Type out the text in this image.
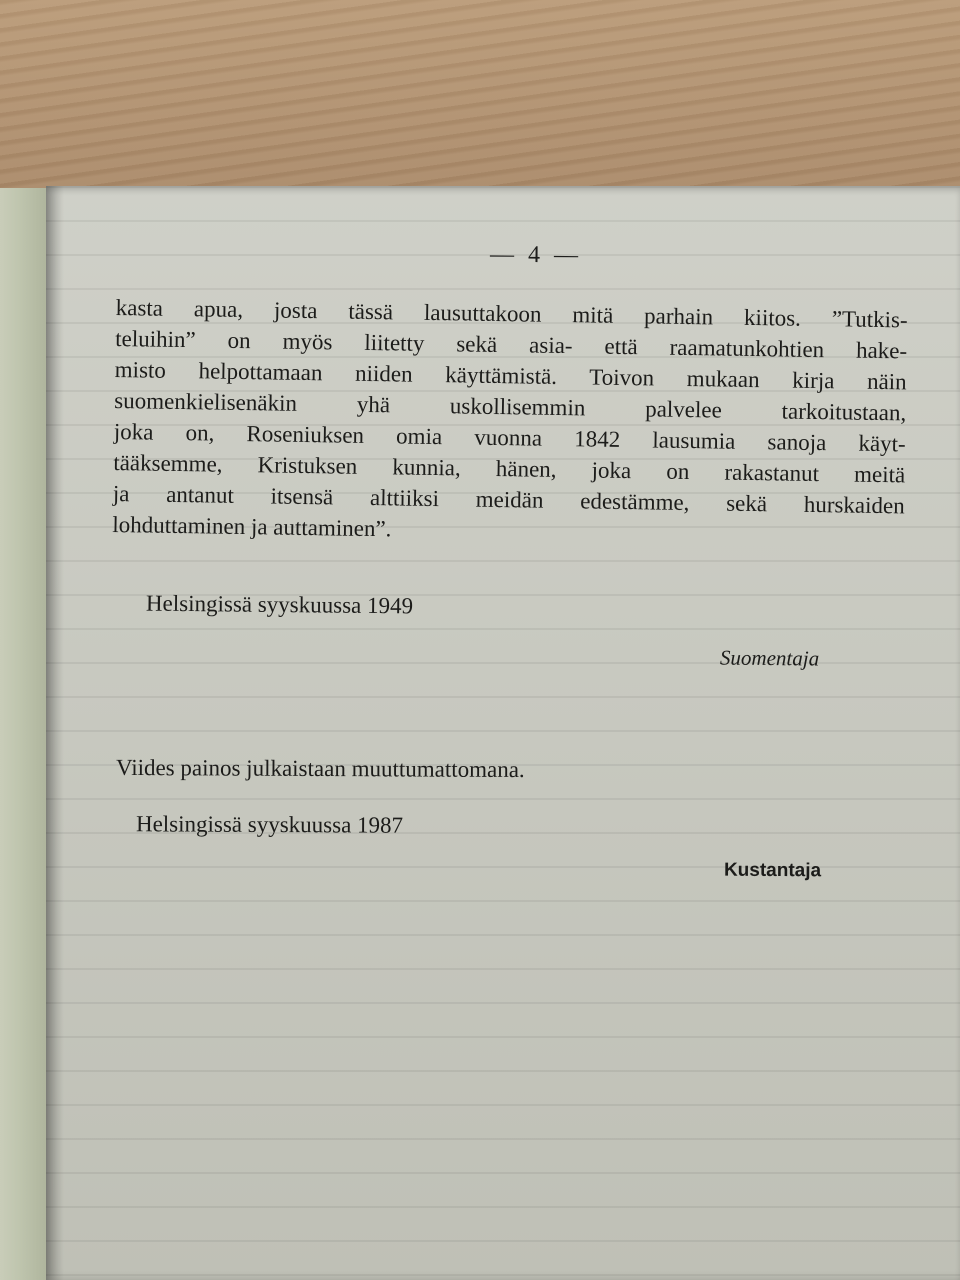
— 4 —
kasta apua, josta tässä lausuttakoon mitä parhain kiitos. ”Tutkis-
teluihin” on myös liitetty sekä asia- että raamatunkohtien hake-
misto helpottamaan niiden käyttämistä. Toivon mukaan kirja näin
suomenkielisenäkin yhä uskollisemmin palvelee tarkoitustaan,
joka on, Roseniuksen omia vuonna 1842 lausumia sanoja käyt-
tääksemme, Kristuksen kunnia, hänen, joka on rakastanut meitä
ja antanut itsensä alttiiksi meidän edestämme, sekä hurskaiden
lohduttaminen ja auttaminen”.
Helsingissä syyskuussa 1949
Suomentaja
Viides painos julkaistaan muuttumattomana.
Helsingissä syyskuussa 1987
Kustantaja
